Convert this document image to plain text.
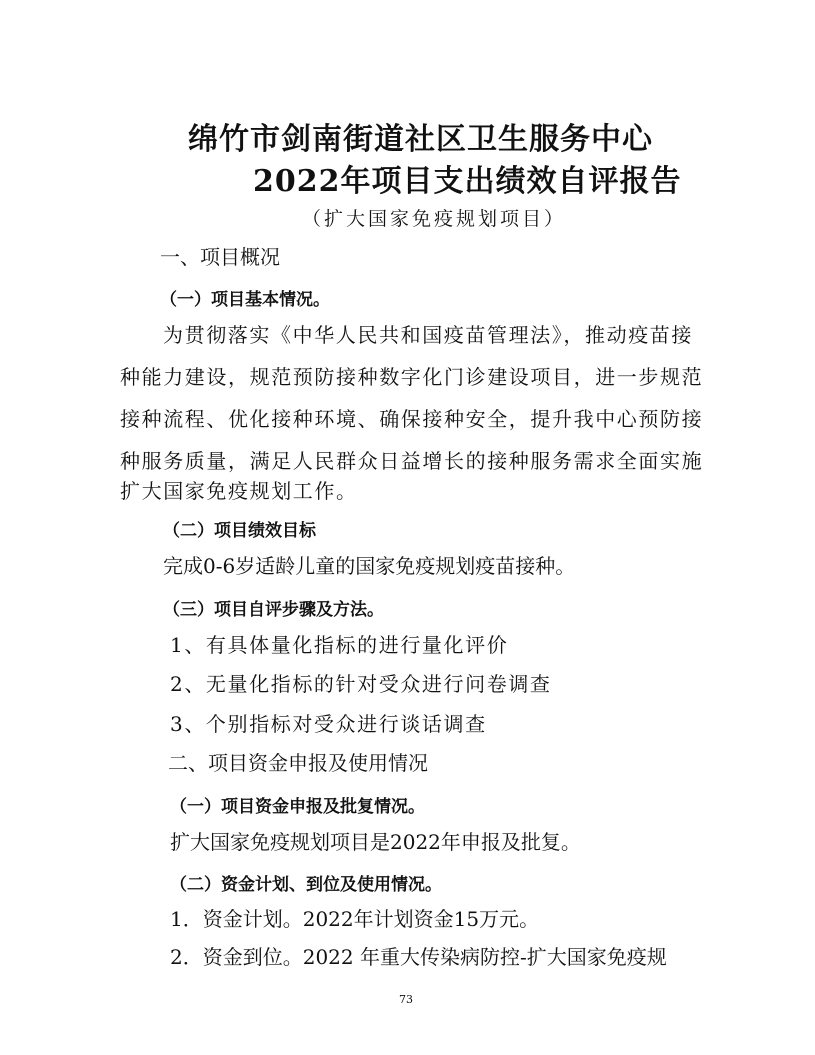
绵竹市剑南街道社区卫生服务中心
2022年项目支出绩效自评报告
（扩大国家免疫规划项目）
一、项目概况
（一）项目基本情况。
为贯彻落实《中华人民共和国疫苗管理法》，推动疫苗接
种能力建设，规范预防接种数字化门诊建设项目，进一步规范
接种流程、优化接种环境、确保接种安全，提升我中心预防接
种服务质量，满足人民群众日益增长的接种服务需求全面实施
扩大国家免疫规划工作。
（二）项目绩效目标
完成0-6岁适龄儿童的国家免疫规划疫苗接种。
（三）项目自评步骤及方法。
1、有具体量化指标的进行量化评价
2、无量化指标的针对受众进行问卷调查
3、个别指标对受众进行谈话调查
二、项目资金申报及使用情况
（一）项目资金申报及批复情况。
扩大国家免疫规划项目是2022年申报及批复。
（二）资金计划、到位及使用情况。
1．资金计划。2022年计划资金15万元。
2．资金到位。2022 年重大传染病防控-扩大国家免疫规
73
